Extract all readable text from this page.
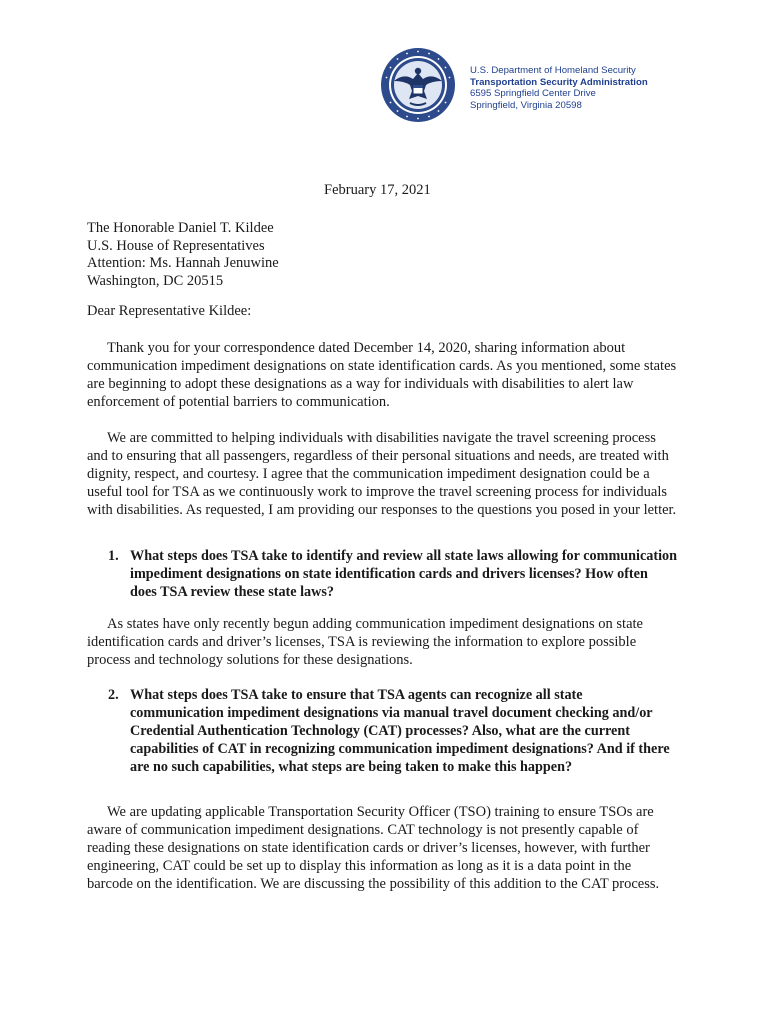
U.S. Department of Homeland Security
Transportation Security Administration
6595 Springfield Center Drive
Springfield, Virginia 20598
February 17, 2021
The Honorable Daniel T. Kildee
U.S. House of Representatives
Attention: Ms. Hannah Jenuwine
Washington, DC 20515
Dear Representative Kildee:
Thank you for your correspondence dated December 14, 2020, sharing information about communication impediment designations on state identification cards. As you mentioned, some states are beginning to adopt these designations as a way for individuals with disabilities to alert law enforcement of potential barriers to communication.
We are committed to helping individuals with disabilities navigate the travel screening process and to ensuring that all passengers, regardless of their personal situations and needs, are treated with dignity, respect, and courtesy. I agree that the communication impediment designation could be a useful tool for TSA as we continuously work to improve the travel screening process for individuals with disabilities. As requested, I am providing our responses to the questions you posed in your letter.
1. What steps does TSA take to identify and review all state laws allowing for communication impediment designations on state identification cards and drivers licenses? How often does TSA review these state laws?
As states have only recently begun adding communication impediment designations on state identification cards and driver’s licenses, TSA is reviewing the information to explore possible process and technology solutions for these designations.
2. What steps does TSA take to ensure that TSA agents can recognize all state communication impediment designations via manual travel document checking and/or Credential Authentication Technology (CAT) processes? Also, what are the current capabilities of CAT in recognizing communication impediment designations? And if there are no such capabilities, what steps are being taken to make this happen?
We are updating applicable Transportation Security Officer (TSO) training to ensure TSOs are aware of communication impediment designations. CAT technology is not presently capable of reading these designations on state identification cards or driver’s licenses, however, with further engineering, CAT could be set up to display this information as long as it is a data point in the barcode on the identification. We are discussing the possibility of this addition to the CAT process.
